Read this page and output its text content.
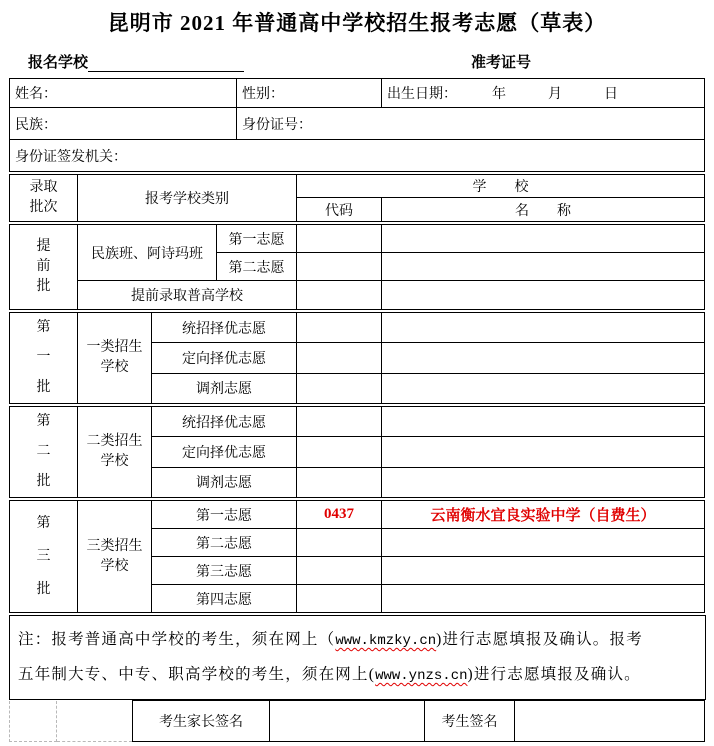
昆明市 2021 年普通高中学校招生报考志愿（草表）
报名学校	准考证号
姓名：	性别：	出生日期：　　　年　　　月　　　日
民族：	身份证号：	
身份证签发机关：		
录取批次	报考学校类别	学　　校	
		代码	名　　称
提前批	民族班、阿诗玛班	第一志愿		
		第二志愿		
	提前录取普高学校			
第一批	一类招生学校	统招择优志愿		
		定向择优志愿		
		调剂志愿		
第二批	二类招生学校	统招择优志愿		
		定向择优志愿		
		调剂志愿		
第三批	三类招生学校	第一志愿	0437	云南衡水宜良实验中学（自费生）
		第二志愿		
		第三志愿		
		第四志愿		
注：报考普通高中学校的考生，须在网上（www.kmzky.cn)进行志愿填报及确认。报考
五年制大专、中专、职高学校的考生，须在网上(www.ynzs.cn)进行志愿填报及确认。
		考生家长签名		考生签名	
